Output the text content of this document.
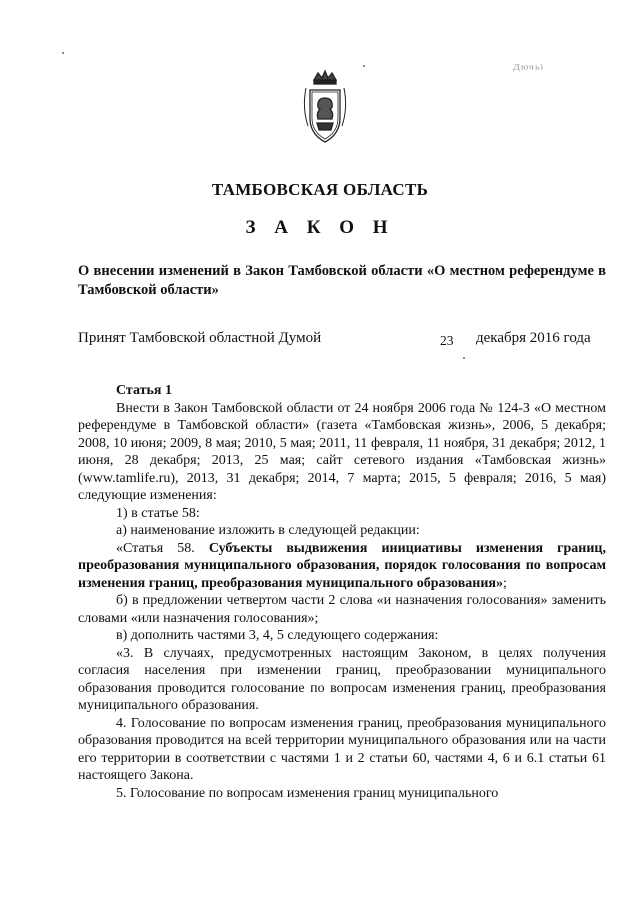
Дючьі
ТАМБОВСКАЯ ОБЛАСТЬ
З А К О Н
О внесении изменений в Закон Тамбовской области «О местном референдуме в Тамбовской области»
Принят Тамбовской областной Думой	23 декабря 2016 года

Статья 1

Внести в Закон Тамбовской области от 24 ноября 2006 года № 124-З «О местном референдуме в Тамбовской области» (газета «Тамбовская жизнь», 2006, 5 декабря; 2008, 10 июня; 2009, 8 мая; 2010, 5 мая; 2011, 11 февраля, 11 ноября, 31 декабря; 2012, 1 июня, 28 декабря; 2013, 25 мая; сайт сетевого издания «Тамбовская жизнь» (www.tamlife.ru), 2013, 31 декабря; 2014, 7 марта; 2015, 5 февраля; 2016, 5 мая) следующие изменения:

1) в статье 58:

а) наименование изложить в следующей редакции:

«Статья 58. Субъекты выдвижения инициативы изменения границ, преобразования муниципального образования, порядок голосования по вопросам изменения границ, преобразования муниципального образования»;

б) в предложении четвертом части 2 слова «и назначения голосования» заменить словами «или назначения голосования»;

в) дополнить частями 3, 4, 5 следующего содержания:

«3. В случаях, предусмотренных настоящим Законом, в целях получения согласия населения при изменении границ, преобразовании муниципального образования проводится голосование по вопросам изменения границ, преобразования муниципального образования.

4. Голосование по вопросам изменения границ, преобразования муниципального образования проводится на всей территории муниципального образования или на части его территории в соответствии с частями 1 и 2 статьи 60, частями 4, 6 и 6.1 статьи 61 настоящего Закона.

5. Голосование по вопросам изменения границ муниципального
